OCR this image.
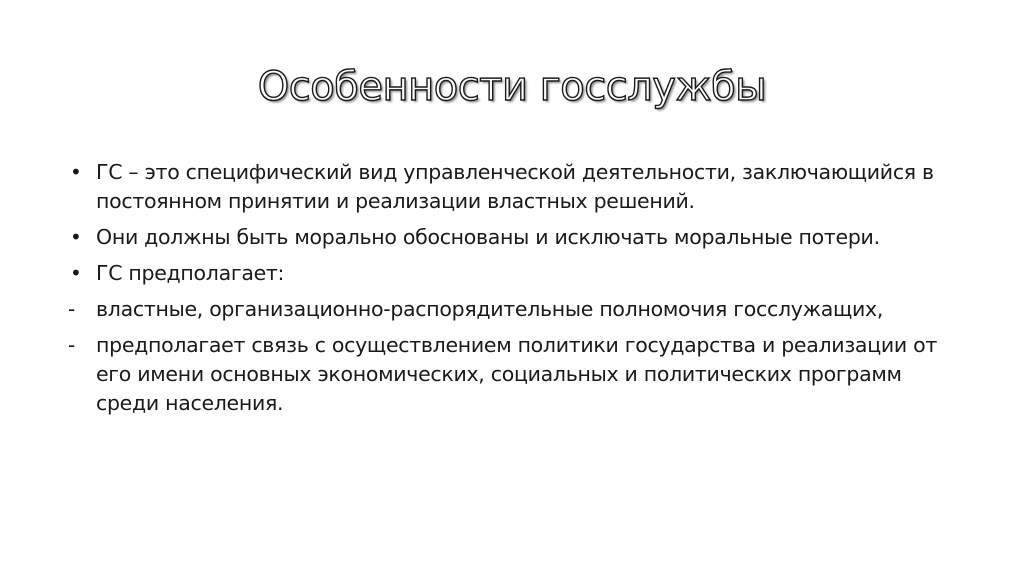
Особенности госслужбы
• ГС – это специфический вид управленческой деятельности, заключающийся в постоянном принятии и реализации властных решений.
• Они должны быть морально обоснованы и исключать моральные потери.
• ГС предполагает:
-	властные, организационно-распорядительные полномочия госслужащих,
-	предполагает связь с осуществлением политики государства и реализации от его имени основных экономических, социальных и политических программ среди населения.
